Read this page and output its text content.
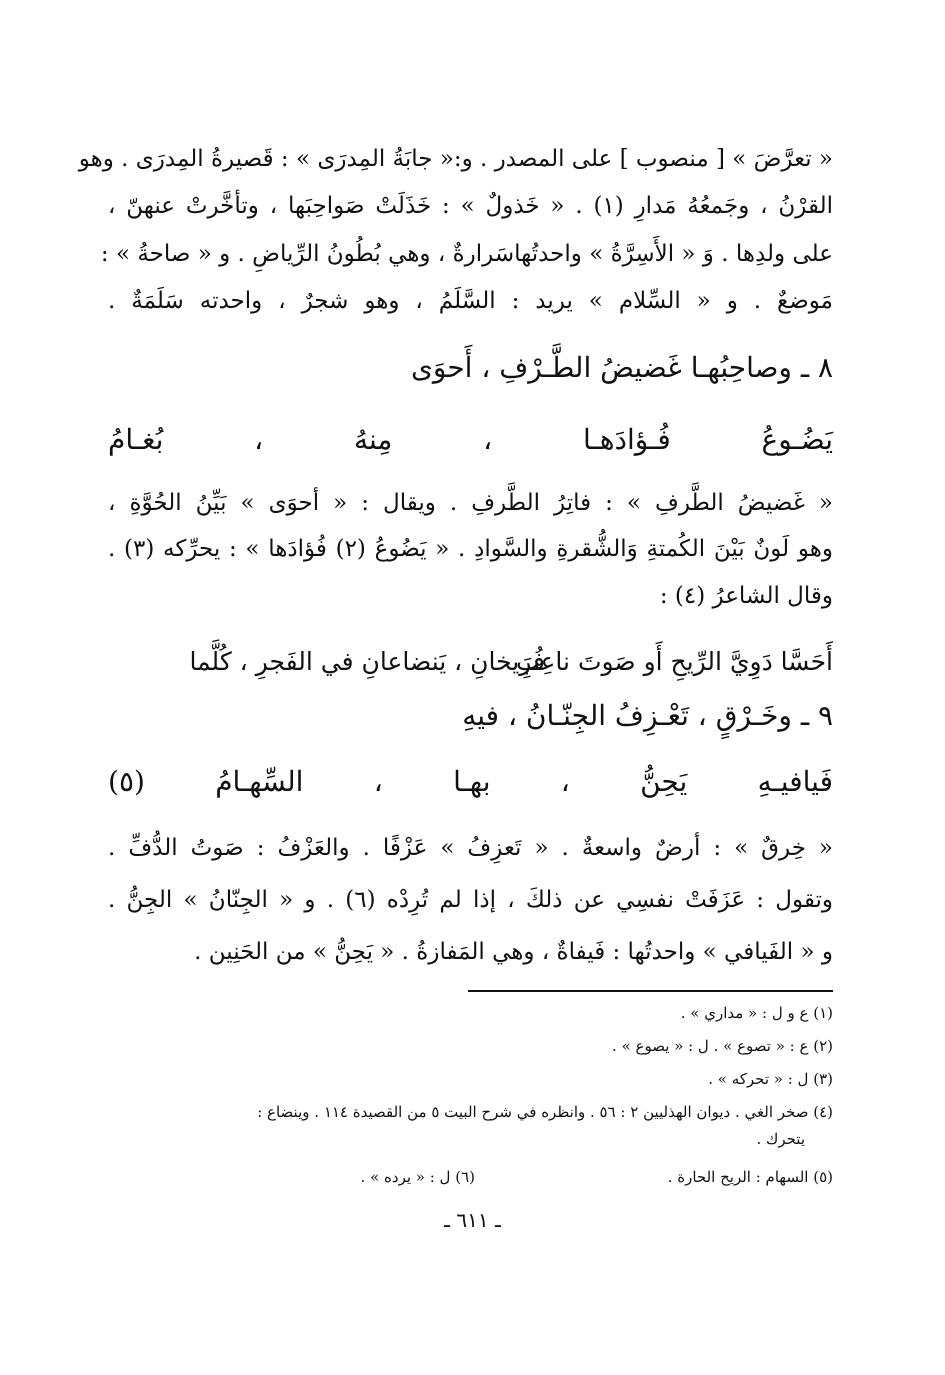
« تعرَّضَ » [ منصوب ] على المصدر . و:« جابَةُ المِدرَى » : قَصيرةُ المِدرَى . وهو
القرْنُ ، وجَمعُهُ مَدارِ (١) . « خَذولٌ » : خَذَلَتْ صَواحِبَها ، وتأخَّرتْ عنهنّ ،
على ولدِها . وَ « الأَسِرَّةُ » واحدتُهاسَرارةٌ ، وهي بُطُونُ الرِّياضِ . و « صاحةُ » :
مَوضعٌ . و « السِّلام » يريد : السَّلَمُ ، وهو شجرٌ ، واحدته سَلَمَةٌ .
٨ ـ وصاحِبُهـا غَضيضُ الطَّـرْفِ ، أَحوَى
يَضُـوعُ فُـؤادَهـا ، مِنهُ ، بُغـامُ
« غَضيضُ الطَّرفِ » : فاتِرُ الطَّرفِ . ويقال : « أحوَى » بَيِّنُ الحُوَّةِ ،
وهو لَونٌ بَيْنَ الكُمتةِ وَالشُّقرةِ والسَّوادِ . « يَضُوعُ (٢) فُؤادَها » : يحرِّكه (٣) .
وقال الشاعرُ (٤) :
فُرَيخانِ ، يَنضاعانِ في الفَجرِ ، كُلَّما
أَحَسَّا دَوِيَّ الرِّيحِ أَو صَوتَ ناعِبِ
٩ ـ وخَـرْقٍ ، تَعْـزِفُ الجِنّـانُ ، فيهِ
فَيافيـهِ يَحِنُّ ، بهـا ، السِّهـامُ (٥)
« خِرقٌ » : أرضٌ واسعةٌ . « تَعزِفُ » عَزْفًا . والعَزْفُ : صَوتُ الدُّفِّ .
وتقول : عَزَفَتْ نفسِي عن ذلكَ ، إذا لم تُرِدْه (٦) . و « الجِنّانُ » الجِنُّ .
و « الفَيافي » واحدتُها : فَيفاةٌ ، وهي المَفازةُ . « يَحِنُّ » من الحَنِين .
(١) ع و ل : « مداري » .
(٢) ع : « تصوع » . ل : « يصوع » .
(٣) ل : « تحركه » .
(٤) صخر الغي . ديوان الهذليين ٢ : ٥٦ . وانظره في شرح البيت ٥ من القصيدة ١١٤ . وينضاع :
يتحرك .
(٥) السهام : الريح الحارة .
(٦) ل : « يرده » .
ـ ٦١١ ـ
